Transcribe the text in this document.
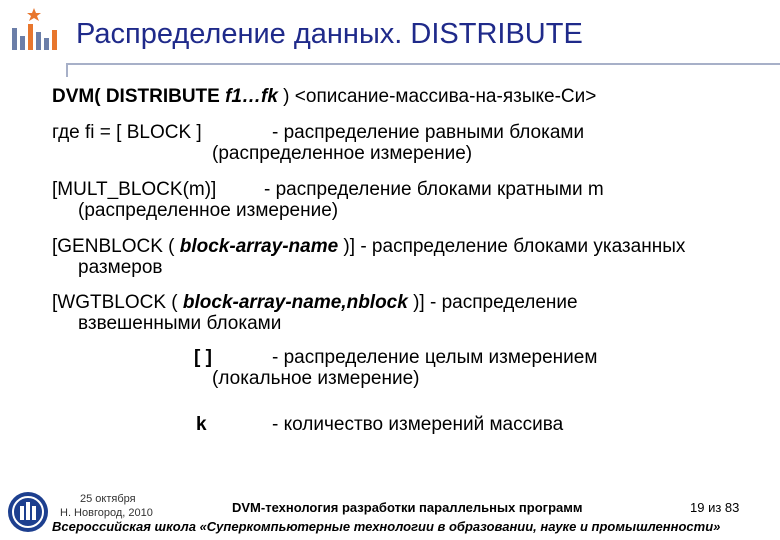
Распределение данных. DISTRIBUTE
DVM( DISTRIBUTE f1…fk ) <описание-массива-на-языке-Си>
где fi = [ BLOCK ]	- распределение равными блоками
(распределенное измерение)
[MULT_BLOCK(m)]	- распределение блоками кратными m
(распределенное измерение)
[GENBLOCK ( block-array-name )] - распределение блоками указанных
размеров
[WGTBLOCK ( block-array-name,nblock )] - распределение
взвешенными блоками
[ ]	- распределение целым измерением
(локальное измерение)
k	- количество измерений массива
25 октября
Н. Новгород, 2010	DVM-технология разработки параллельных программ	19 из 83
Всероссийская школа «Суперкомпьютерные технологии в образовании, науке и промышленности»
